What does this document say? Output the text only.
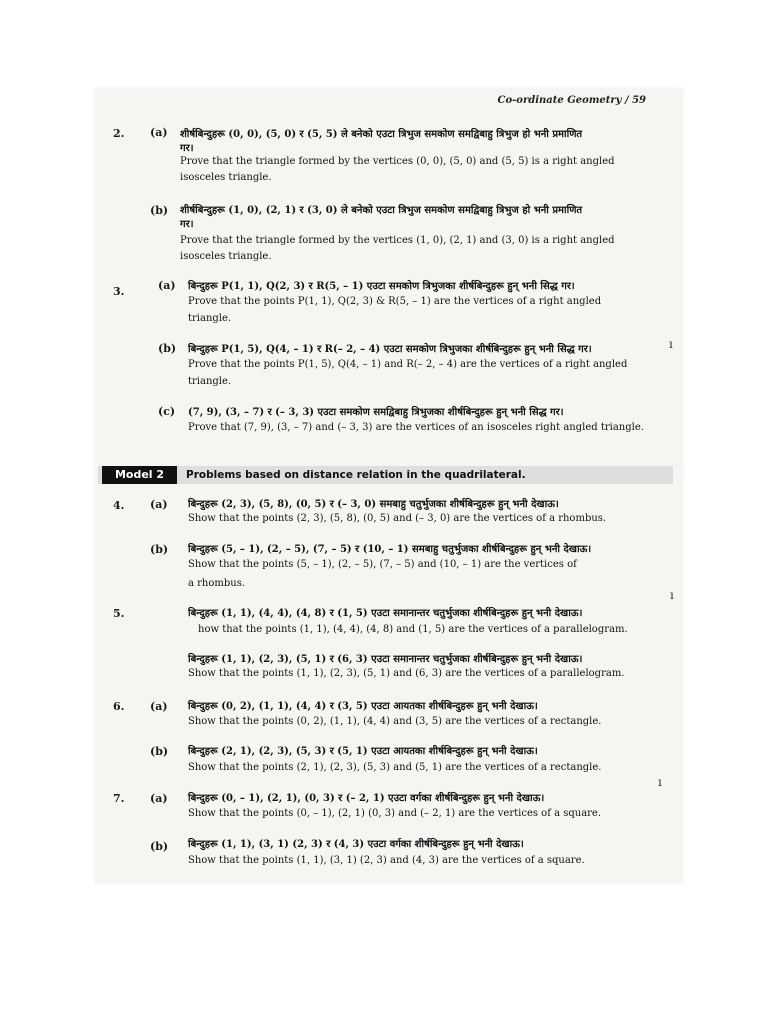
Co-ordinate Geometry / 59
2. (a) शीर्षबिन्दुहरू (0, 0), (5, 0) र (5, 5) ले बनेको एउटा त्रिभुज समकोण समद्विबाहु त्रिभुज हो भनी प्रमाणित
गर।
Prove that the triangle formed by the vertices (0, 0), (5, 0) and (5, 5) is a right angled
isosceles triangle.
(b) शीर्षबिन्दुहरू (1, 0), (2, 1) र (3, 0) ले बनेको एउटा त्रिभुज समकोण समद्विबाहु त्रिभुज हो भनी प्रमाणित
गर।
Prove that the triangle formed by the vertices (1, 0), (2, 1) and (3, 0) is a right angled
isosceles triangle.
3.	(a) बिन्दुहरू P(1, 1), Q(2, 3) र R(5, – 1) एउटा समकोण त्रिभुजका शीर्षबिन्दुहरू हुन् भनी सिद्ध गर।
Prove that the points P(1, 1), Q(2, 3) & R(5, – 1) are the vertices of a right angled
triangle.
(b) बिन्दुहरू P(1, 5), Q(4, – 1) र R(– 2, – 4) एउटा समकोण त्रिभुजका शीर्षबिन्दुहरू हुन् भनी सिद्ध गर।
Prove that the points P(1, 5), Q(4, – 1) and R(– 2, – 4) are the vertices of a right angled
triangle.
(c) (7, 9), (3, – 7) र (– 3, 3) एउटा समकोण समद्विबाहु त्रिभुजका शीर्षबिन्दुहरू हुन् भनी सिद्ध गर।
Prove that (7, 9), (3, – 7) and (– 3, 3) are the vertices of an isosceles right angled triangle.
ı
Model 2	Problems based on distance relation in the quadrilateral.
4. (a) बिन्दुहरू (2, 3), (5, 8), (0, 5) र (– 3, 0) समबाहु चतुर्भुजका शीर्षबिन्दुहरू हुन् भनी देखाऊ।
Show that the points (2, 3), (5, 8), (0, 5) and (– 3, 0) are the vertices of a rhombus.
(b) बिन्दुहरू (5, – 1), (2, – 5), (7, – 5) र (10, – 1) समबाहु चतुर्भुजका शीर्षबिन्दुहरू हुन् भनी देखाऊ।
Show that the points (5, – 1), (2, – 5), (7, – 5) and (10, – 1) are the vertices of
a rhombus.
5.	बिन्दुहरू (1, 1), (4, 4), (4, 8) र (1, 5) एउटा समानान्तर चतुर्भुजका शीर्षबिन्दुहरू हुन् भनी देखाऊ।
how that the points (1, 1), (4, 4), (4, 8) and (1, 5) are the vertices of a parallelogram.
बिन्दुहरू (1, 1), (2, 3), (5, 1) र (6, 3) एउटा समानान्तर चतुर्भुजका शीर्षबिन्दुहरू हुन् भनी देखाऊ।
Show that the points (1, 1), (2, 3), (5, 1) and (6, 3) are the vertices of a parallelogram.
ı
6. (a) बिन्दुहरू (0, 2), (1, 1), (4, 4) र (3, 5) एउटा आयतका शीर्षबिन्दुहरू हुन् भनी देखाऊ।
Show that the points (0, 2), (1, 1), (4, 4) and (3, 5) are the vertices of a rectangle.
(b) बिन्दुहरू (2, 1), (2, 3), (5, 3) र (5, 1) एउटा आयतका शीर्षबिन्दुहरू हुन् भनी देखाऊ।
Show that the points (2, 1), (2, 3), (5, 3) and (5, 1) are the vertices of a rectangle.
ı
7. (a) बिन्दुहरू (0, – 1), (2, 1), (0, 3) र (– 2, 1) एउटा वर्गका शीर्षबिन्दुहरू हुन् भनी देखाऊ।
Show that the points (0, – 1), (2, 1) (0, 3) and (– 2, 1) are the vertices of a square.
(b) बिन्दुहरू (1, 1), (3, 1) (2, 3) र (4, 3) एउटा वर्गका शीर्षबिन्दुहरू हुन् भनी देखाऊ।
Show that the points (1, 1), (3, 1) (2, 3) and (4, 3) are the vertices of a square.
